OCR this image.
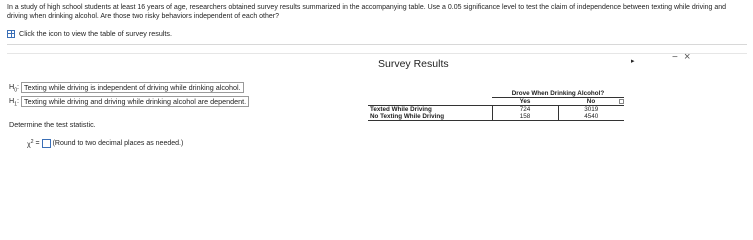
In a study of high school students at least 16 years of age, researchers obtained survey results summarized in the accompanying table. Use a 0.05 significance level to test the claim of independence between texting while driving and driving when drinking alcohol. Are those two risky behaviors independent of each other?
Click the icon to view the table of survey results.
Survey Results	▸	− ×
$H_0$: Texting while driving is independent of driving while drinking alcohol.
$H_1$: Texting while driving and driving while drinking alcohol are dependent.
Determine the test statistic.
$\chi^2$ = (Round to two decimal places as needed.)
	Drove When Drinking Alcohol?	
	Yes	No
Texted While Driving	724	3019
No Texting While Driving	158	4540
